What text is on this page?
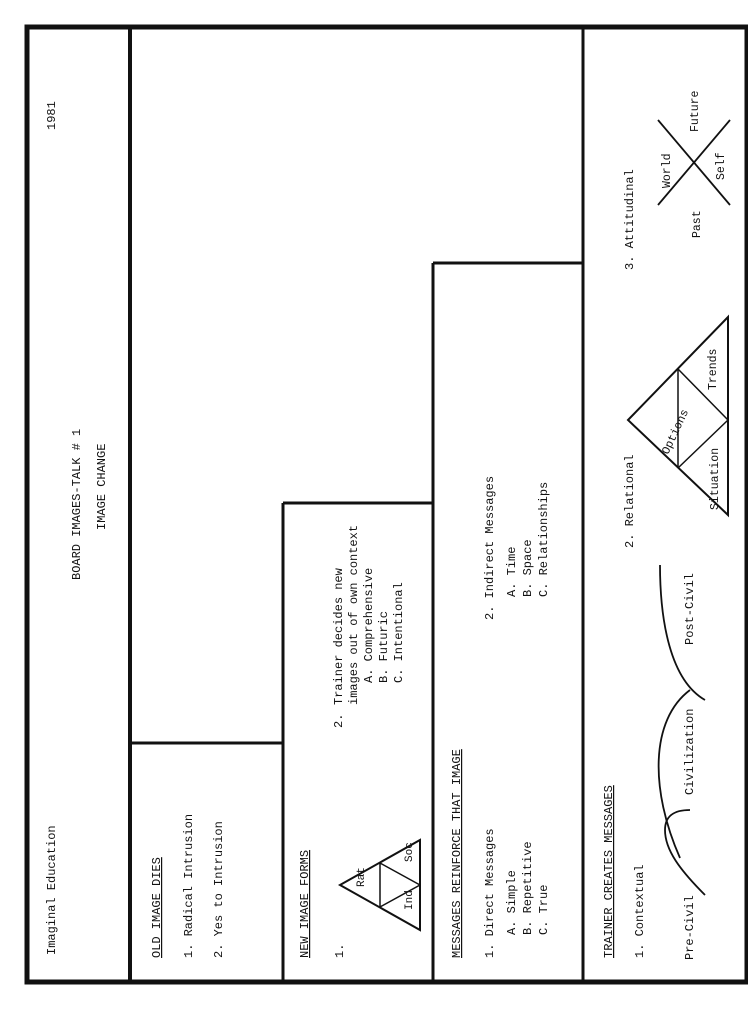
Imaginal Education
1981
BOARD IMAGES-TALK # 1 IMAGE CHANGE
OLD IMAGE DIES 1. Radical Intrusion 2. Yes to Intrusion	NEW IMAGE FORMS 1.
Rat
Ind
Soc
2.
Trainer decides new images out of own context A. Comprehensive B. Futuric C. Intentional
MESSAGES REINFORCE THAT IMAGE 1. Direct Messages A. Simple B. Repetitive C. True
2. Indirect Messages A. Time B. Space C. Relationships
TRAINER CREATES MESSAGES 1. Contextual	Pre-Civil
Civilization
Post-Civil
2. Relational
Options
Situation
Trends
3. Attitudinal World
Future
Past
Self
